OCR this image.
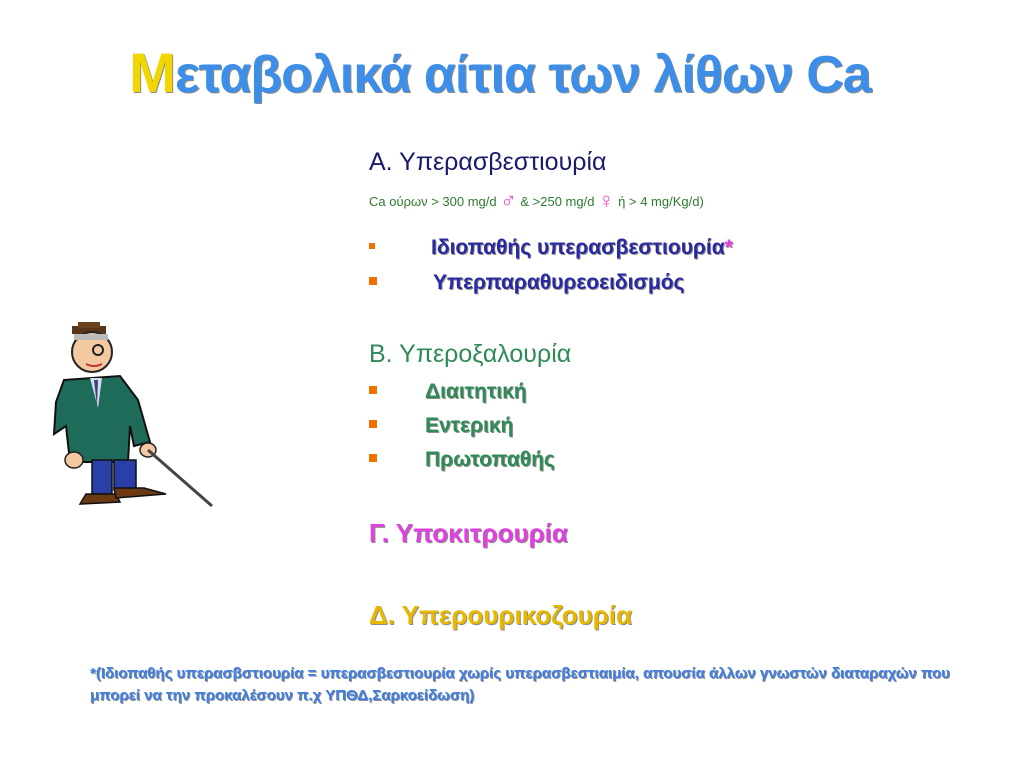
Mεταβολικά αίτια των λίθων Ca
Α. Υπερασβεστιουρία
Ca ούρων > 300 mg/d ♂ & >250 mg/d ♀ ή > 4 mg/Kg/d)
Ιδιοπαθής υπερασβεστιουρία*
Υπερπαραθυρεοειδισμός
Β. Υπεροξαλουρία
Διαιτητική
Εντερική
Πρωτοπαθής
Γ. Υποκιτρουρία
Δ. Υπερουρικοζουρία
*(Ιδιοπαθής υπερασβστιουρία = υπερασβεστιουρία χωρίς υπερασβεστιαιμία, απουσία άλλων γνωστών διαταραχών που μπορεί να την προκαλέσουν π.χ ΥΠΘΔ,Σαρκοείδωση)
